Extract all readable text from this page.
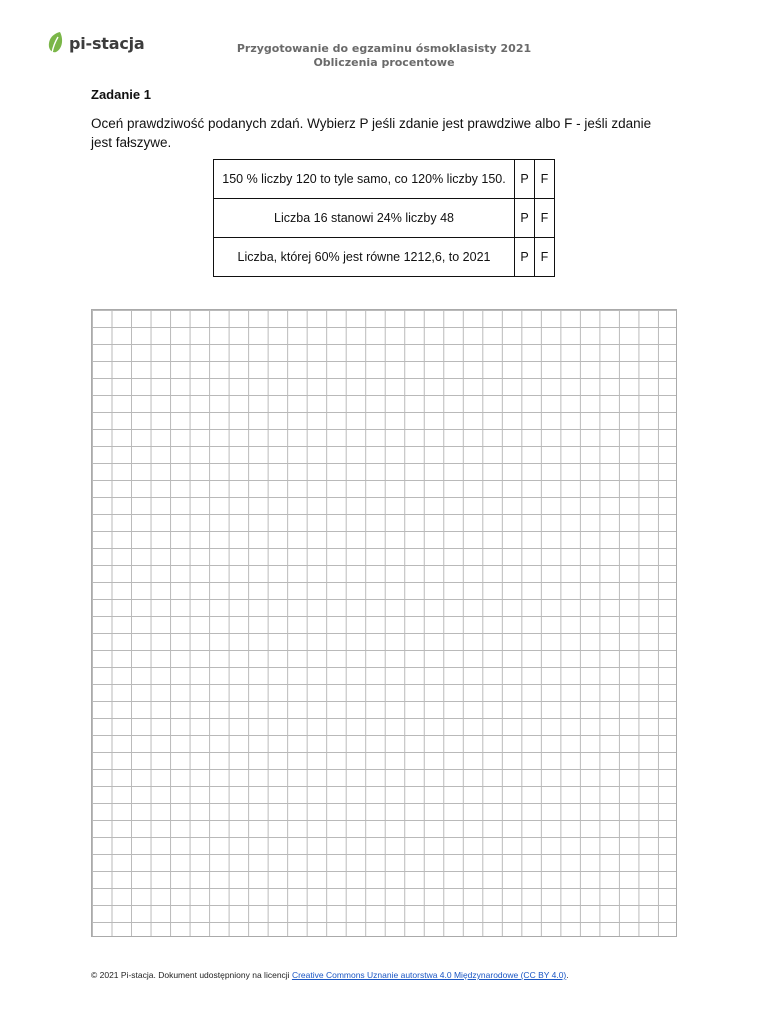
pi-stacja	Przygotowanie do egzaminu ósmoklasisty 2021
Obliczenia procentowe
Zadanie 1
Oceń prawdziwość podanych zdań. Wybierz P jeśli zdanie jest prawdziwe albo F - jeśli zdanie jest fałszywe.
150 % liczby 120 to tyle samo, co 120% liczby 150.	P	F
Liczba 16 stanowi 24% liczby 48	P	F
Liczba, której 60% jest równe 1212,6, to 2021	P	F
© 2021 Pi-stacja. Dokument udostępniony na licencji Creative Commons Uznanie autorstwa 4.0 Międzynarodowe (CC BY 4.0).
